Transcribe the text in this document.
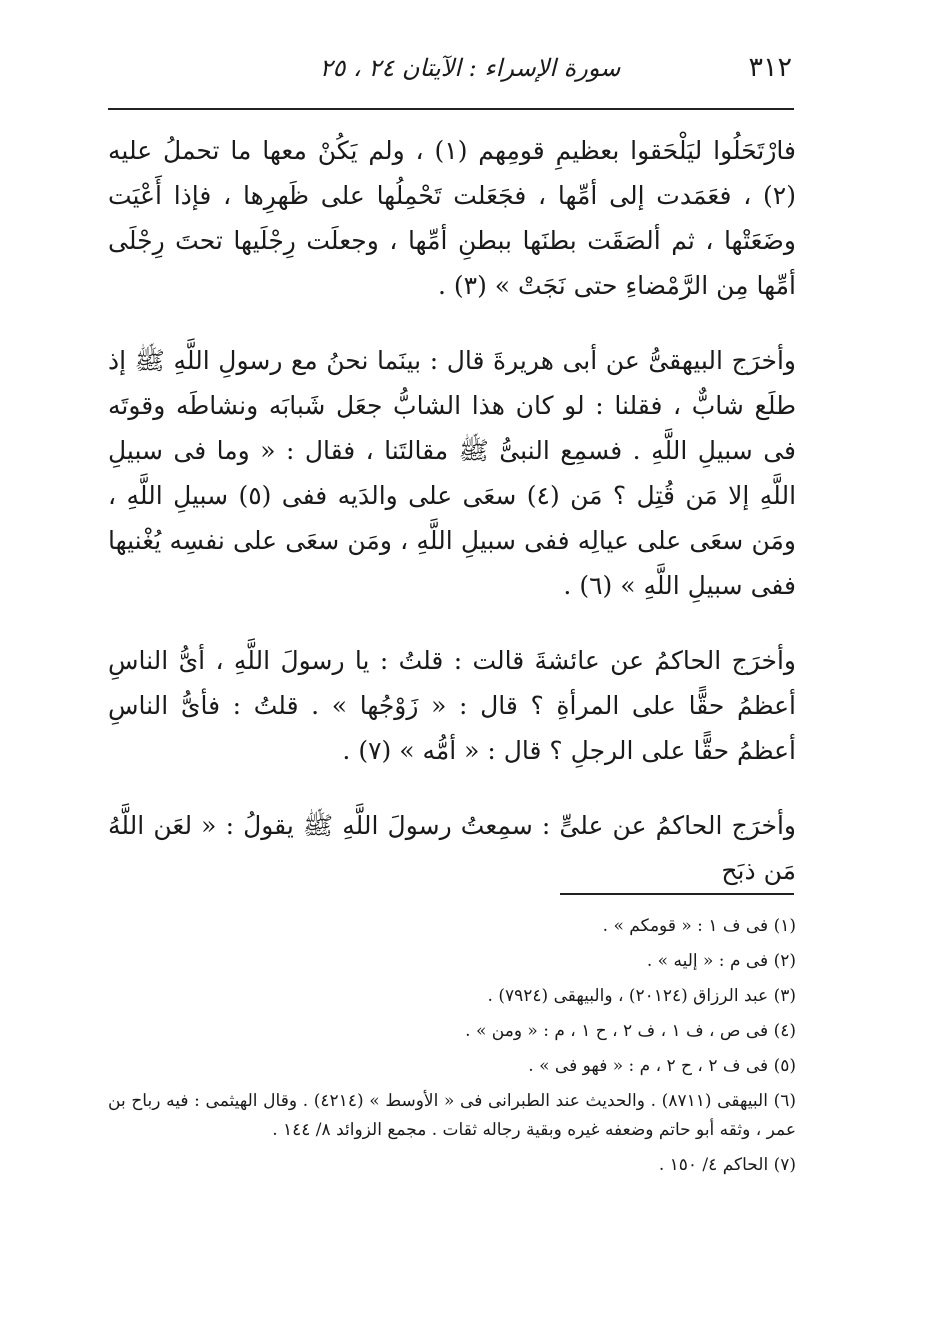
٣١٢
سورة الإسراء : الآيتان ٢٤ ، ٢٥

فارْتَحَلُوا ليَلْحَقوا بعظيمِ قومِهم (١) ، ولم يَكُنْ معها ما تحملُ عليه (٢) ، فعَمَدت إلى أمِّها ، فجَعَلت تَحْمِلُها على ظَهرِها ، فإذا أَعْيَت وضَعَتْها ، ثم ألصَقَت بطنَها ببطنِ أمِّها ، وجعلَت رِجْلَيها تحتَ رِجْلَى أمِّها مِن الرَّمْضاءِ حتى نَجَتْ » (٣) .

وأخرَج البيهقىُّ عن أبى هريرةَ قال : بينَما نحنُ مع رسولِ اللَّهِ ﷺ إذ طلَع شابٌّ ، فقلنا : لو كان هذا الشابُّ جعَل شَبابَه ونشاطَه وقوتَه فى سبيلِ اللَّهِ . فسمِع النبىُّ ﷺ مقالتَنا ، فقال : « وما فى سبيلِ اللَّهِ إلا مَن قُتِل ؟ مَن (٤) سعَى على والدَيه ففى (٥) سبيلِ اللَّهِ ، ومَن سعَى على عيالِه ففى سبيلِ اللَّهِ ، ومَن سعَى على نفسِه يُغْنيها ففى سبيلِ اللَّهِ » (٦) .

وأخرَج الحاكمُ عن عائشةَ قالت : قلتُ : يا رسولَ اللَّهِ ، أىُّ الناسِ أعظمُ حقًّا على المرأةِ ؟ قال : « زَوْجُها » . قلتُ : فأىُّ الناسِ أعظمُ حقًّا على الرجلِ ؟ قال : « أمُّه » (٧) .

وأخرَج الحاكمُ عن علىٍّ : سمِعتُ رسولَ اللَّهِ ﷺ يقولُ : « لعَن اللَّهُ مَن ذبَح

(١) فى ف ١ : « قومكم » .

(٢) فى م : « إليه » .

(٣) عبد الرزاق (٢٠١٢٤) ، والبيهقى (٧٩٢٤) .

(٤) فى ص ، ف ١ ، ف ٢ ، ح ١ ، م : « ومن » .

(٥) فى ف ٢ ، ح ٢ ، م : « فهو فى » .

(٦) البيهقى (٨٧١١) . والحديث عند الطبرانى فى « الأوسط » (٤٢١٤) . وقال الهيثمى : فيه رباح بن عمر ، وثقه أبو حاتم وضعفه غيره وبقية رجاله ثقات . مجمع الزوائد ٨/ ١٤٤ .

(٧) الحاكم ٤/ ١٥٠ .
